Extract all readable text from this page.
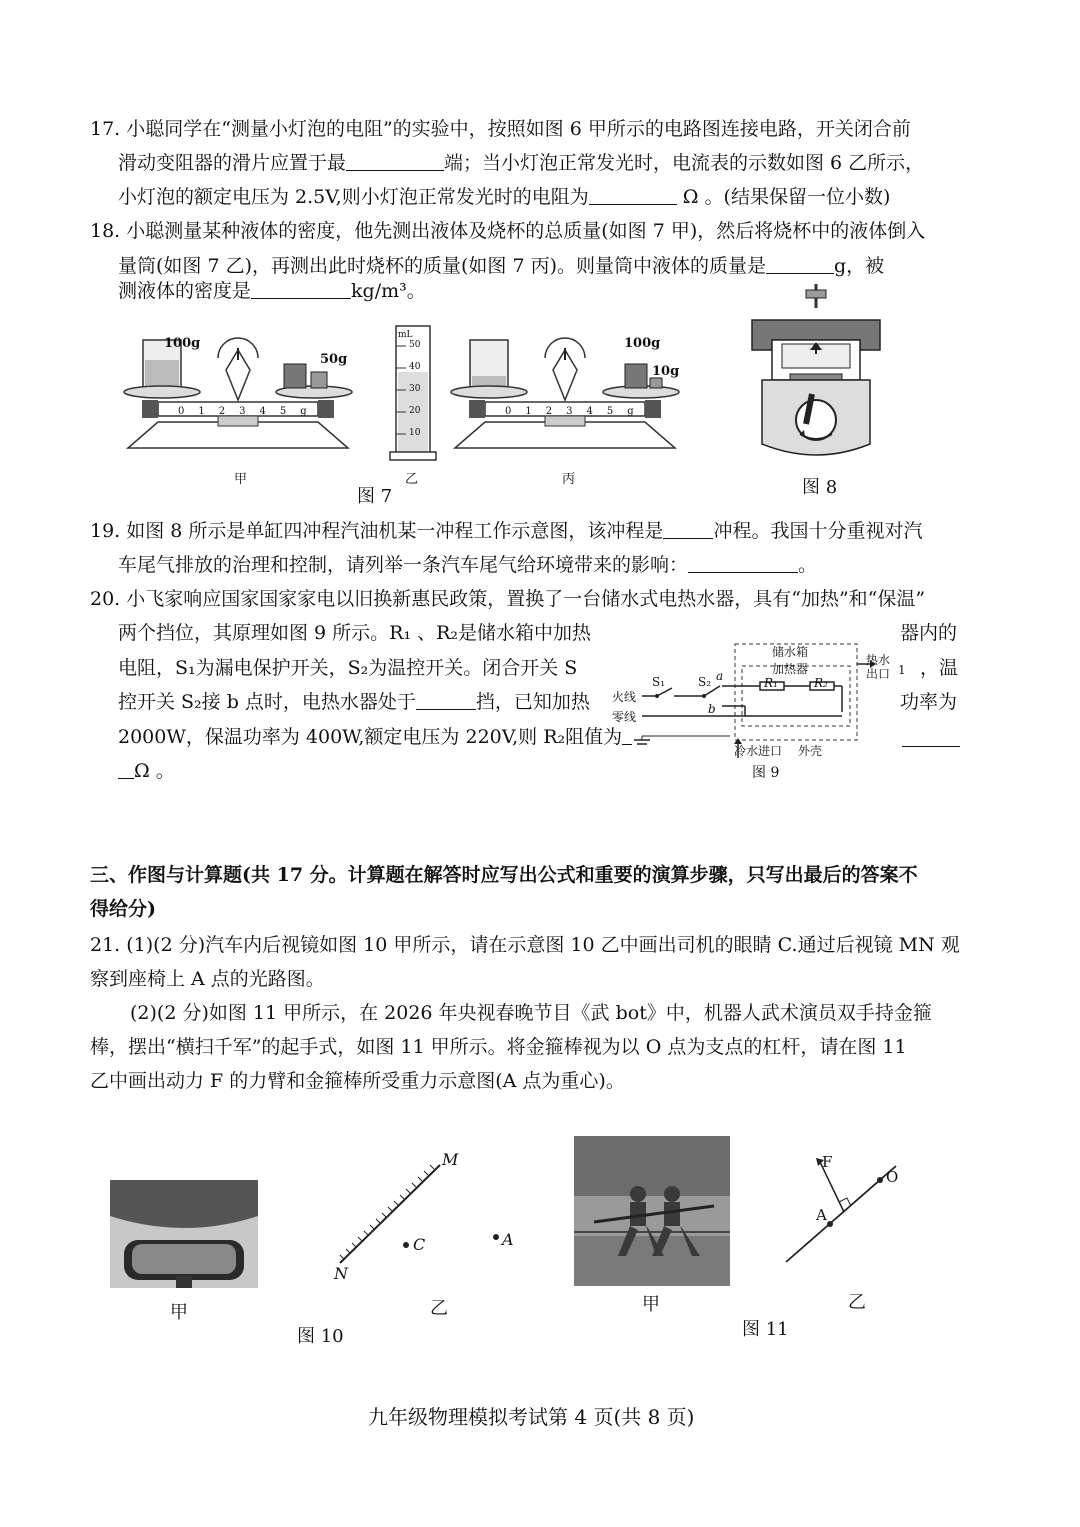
17. 小聪同学在“测量小灯泡的电阻”的实验中，按照如图 6 甲所示的电路图连接电路，开关闭合前
滑动变阻器的滑片应置于最	端；当小灯泡正常发光时，电流表的示数如图 6 乙所示，
小灯泡的额定电压为 2.5V,则小灯泡正常发光时的电阻为	Ω 。(结果保留一位小数)
18. 小聪测量某种液体的密度，他先测出液体及烧杯的总质量(如图 7 甲)，然后将烧杯中的液体倒入
量筒(如图 7 乙)，再测出此时烧杯的质量(如图 7 丙)。则量筒中液体的质量是	g，被
测液体的密度是	kg/m³。
100g
50g
甲
mL
50
40
30
20
10
乙
100g
10g
丙
012345g	012345g
图 7	图 8
19. 如图 8 所示是单缸四冲程汽油机某一冲程工作示意图，该冲程是	冲程。我国十分重视对汽
车尾气排放的治理和控制，请列举一条汽车尾气给环境带来的影响：	。
20. 小飞家响应国家国家家电以旧换新惠民政策，置换了一台储水式电热水器，具有“加热”和“保温”
两个挡位，其原理如图 9 所示。R₁ 、R₂是储水箱中加热	器内的
电阻，S₁为漏电保护开关，S₂为温控开关。闭合开关 S	，温
控开关 S₂接 b 点时，电热水器处于	挡，已知加热	功率为
2000W，保温功率为 400W,额定电压为 220V,则 R₂阻值为
Ω 。
储水箱
加热器
热水
出口 1
火线
零线
S₁	S₂ a
b
R₁	R₂
冷水进口 外壳
图 9
三、作图与计算题(共 17 分。计算题在解答时应写出公式和重要的演算步骤，只写出最后的答案不
得给分)
21. (1)(2 分)汽车内后视镜如图 10 甲所示，请在示意图 10 乙中画出司机的眼睛 C.通过后视镜 MN 观
察到座椅上 A 点的光路图。
(2)(2 分)如图 11 甲所示，在 2026 年央视春晚节目《武 bot》中，机器人武术演员双手持金箍
棒，摆出“横扫千军”的起手式，如图 11 甲所示。将金箍棒视为以 O 点为支点的杠杆，请在图 11
乙中画出动力 F 的力臂和金箍棒所受重力示意图(A 点为重心)。
甲
M
N
C	A
乙
图 10
甲
F
O
A
乙
图 11
九年级物理模拟考试第 4 页(共 8 页)
